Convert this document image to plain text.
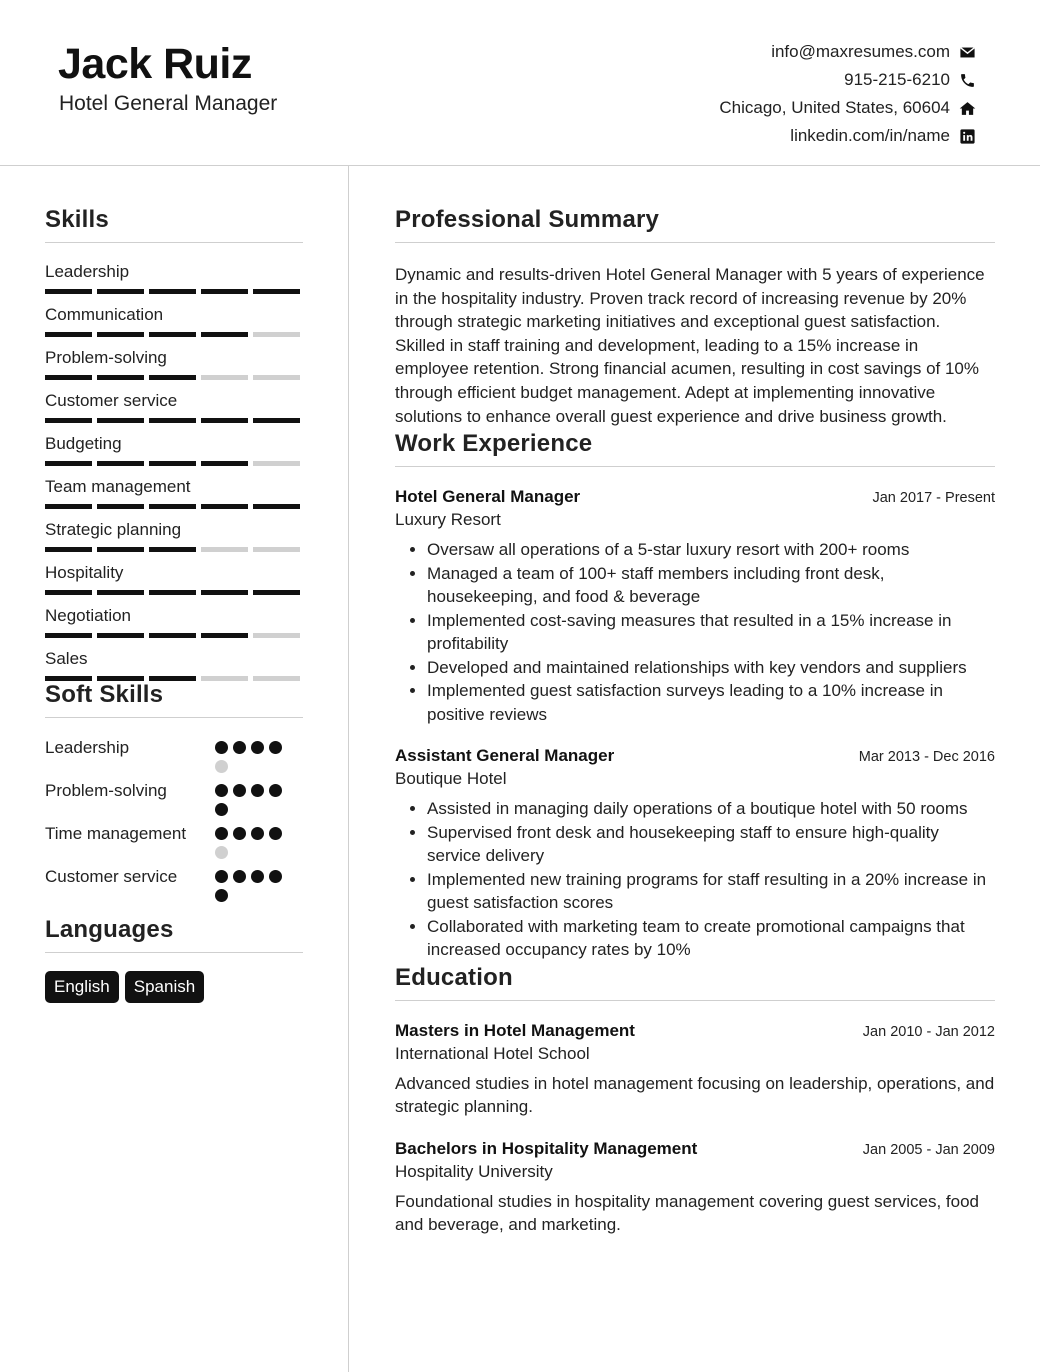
Jack Ruiz
Hotel General Manager
info@maxresumes.com
915-215-6210
Chicago, United States, 60604
linkedin.com/in/name
Skills
Leadership
Communication
Problem-solving
Customer service
Budgeting
Team management
Strategic planning
Hospitality
Negotiation
Sales
Soft Skills
Leadership
Problem-solving
Time management
Customer service
Languages
English	Spanish
Professional Summary
Dynamic and results-driven Hotel General Manager with 5 years of experience in the hospitality industry. Proven track record of increasing revenue by 20% through strategic marketing initiatives and exceptional guest satisfaction. Skilled in staff training and development, leading to a 15% increase in employee retention. Strong financial acumen, resulting in cost savings of 10% through efficient budget management. Adept at implementing innovative solutions to enhance overall guest experience and drive business growth.
Work Experience
Hotel General Manager	Jan 2017 - Present
Luxury Resort
• Oversaw all operations of a 5-star luxury resort with 200+ rooms
• Managed a team of 100+ staff members including front desk, housekeeping, and food & beverage
• Implemented cost-saving measures that resulted in a 15% increase in profitability
• Developed and maintained relationships with key vendors and suppliers
• Implemented guest satisfaction surveys leading to a 10% increase in positive reviews
Assistant General Manager	Mar 2013 - Dec 2016
Boutique Hotel
• Assisted in managing daily operations of a boutique hotel with 50 rooms
• Supervised front desk and housekeeping staff to ensure high-quality service delivery
• Implemented new training programs for staff resulting in a 20% increase in guest satisfaction scores
• Collaborated with marketing team to create promotional campaigns that increased occupancy rates by 10%
Education
Masters in Hotel Management	Jan 2010 - Jan 2012
International Hotel School
Advanced studies in hotel management focusing on leadership, operations, and strategic planning.
Bachelors in Hospitality Management	Jan 2005 - Jan 2009
Hospitality University
Foundational studies in hospitality management covering guest services, food and beverage, and marketing.
